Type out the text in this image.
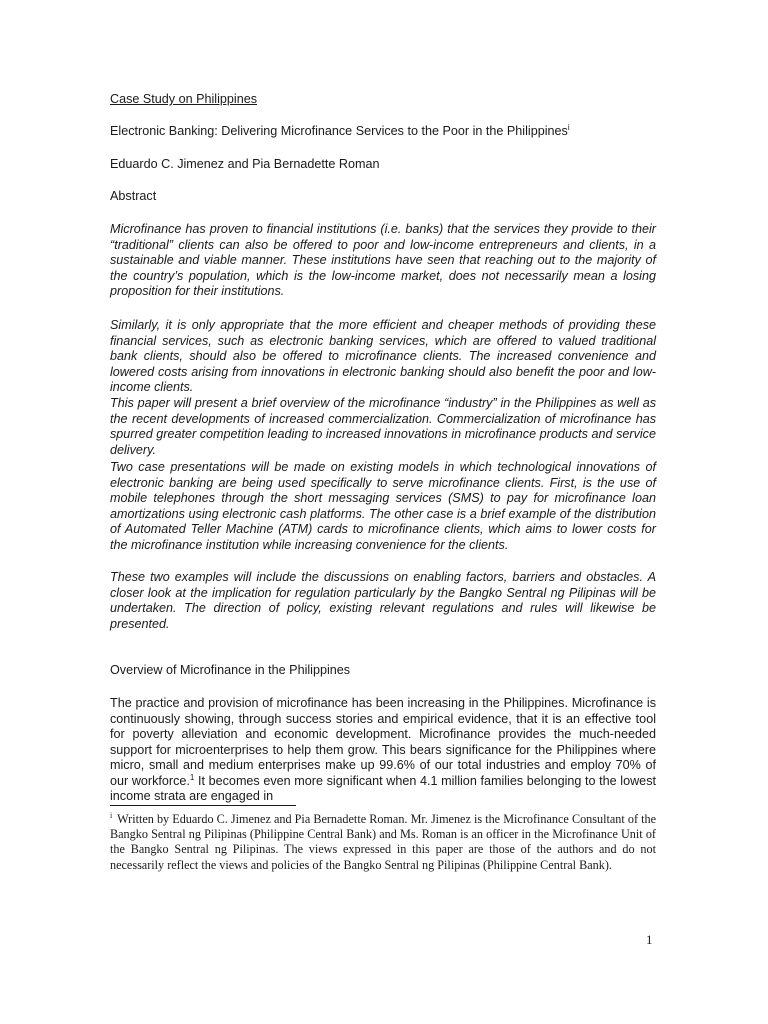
Case Study on Philippines

Electronic Banking: Delivering Microfinance Services to the Poor in the Philippines$^i$

Eduardo C. Jimenez and Pia Bernadette Roman

Abstract

Microfinance has proven to financial institutions (i.e. banks) that the services they provide to their “traditional” clients can also be offered to poor and low-income entrepreneurs and clients, in a sustainable and viable manner. These institutions have seen that reaching out to the majority of the country’s population, which is the low-income market, does not necessarily mean a losing proposition for their institutions.

Similarly, it is only appropriate that the more efficient and cheaper methods of providing these financial services, such as electronic banking services, which are offered to valued traditional bank clients, should also be offered to microfinance clients. The increased convenience and lowered costs arising from innovations in electronic banking should also benefit the poor and low-income clients.

This paper will present a brief overview of the microfinance “industry” in the Philippines as well as the recent developments of increased commercialization. Commercialization of microfinance has spurred greater competition leading to increased innovations in microfinance products and service delivery.

Two case presentations will be made on existing models in which technological innovations of electronic banking are being used specifically to serve microfinance clients. First, is the use of mobile telephones through the short messaging services (SMS) to pay for microfinance loan amortizations using electronic cash platforms. The other case is a brief example of the distribution of Automated Teller Machine (ATM) cards to microfinance clients, which aims to lower costs for the microfinance institution while increasing convenience for the clients.

These two examples will include the discussions on enabling factors, barriers and obstacles. A closer look at the implication for regulation particularly by the Bangko Sentral ng Pilipinas will be undertaken. The direction of policy, existing relevant regulations and rules will likewise be presented.

Overview of Microfinance in the Philippines

The practice and provision of microfinance has been increasing in the Philippines. Microfinance is continuously showing, through success stories and empirical evidence, that it is an effective tool for poverty alleviation and economic development. Microfinance provides the much-needed support for microenterprises to help them grow. This bears significance for the Philippines where micro, small and medium enterprises make up 99.6% of our total industries and employ 70% of our workforce.$^1$ It becomes even more significant when 4.1 million families belonging to the lowest income strata are engaged in

$^i$ Written by Eduardo C. Jimenez and Pia Bernadette Roman. Mr. Jimenez is the Microfinance Consultant of the Bangko Sentral ng Pilipinas (Philippine Central Bank) and Ms. Roman is an officer in the Microfinance Unit of the Bangko Sentral ng Pilipinas. The views expressed in this paper are those of the authors and do not necessarily reflect the views and policies of the Bangko Sentral ng Pilipinas (Philippine Central Bank).

1
